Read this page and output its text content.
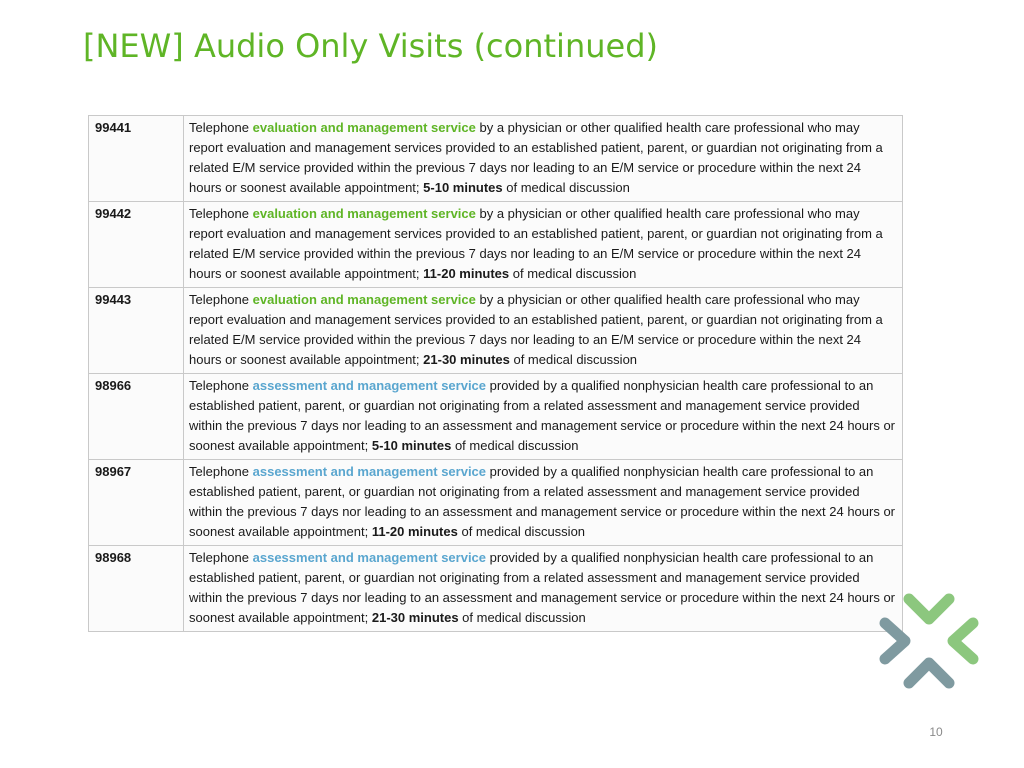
[NEW] Audio Only Visits (continued)
99441	Telephone evaluation and management service by a physician or other qualified health care professional who may report evaluation and management services provided to an established patient, parent, or guardian not originating from a related E/M service provided within the previous 7 days nor leading to an E/M service or procedure within the next 24 hours or soonest available appointment; 5-10 minutes of medical discussion
99442	Telephone evaluation and management service by a physician or other qualified health care professional who may report evaluation and management services provided to an established patient, parent, or guardian not originating from a related E/M service provided within the previous 7 days nor leading to an E/M service or procedure within the next 24 hours or soonest available appointment; 11-20 minutes of medical discussion
99443	Telephone evaluation and management service by a physician or other qualified health care professional who may report evaluation and management services provided to an established patient, parent, or guardian not originating from a related E/M service provided within the previous 7 days nor leading to an E/M service or procedure within the next 24 hours or soonest available appointment; 21-30 minutes of medical discussion
98966	Telephone assessment and management service provided by a qualified nonphysician health care professional to an established patient, parent, or guardian not originating from a related assessment and management service provided within the previous 7 days nor leading to an assessment and management service or procedure within the next 24 hours or soonest available appointment; 5-10 minutes of medical discussion
98967	Telephone assessment and management service provided by a qualified nonphysician health care professional to an established patient, parent, or guardian not originating from a related assessment and management service provided within the previous 7 days nor leading to an assessment and management service or procedure within the next 24 hours or soonest available appointment; 11-20 minutes of medical discussion
98968	Telephone assessment and management service provided by a qualified nonphysician health care professional to an established patient, parent, or guardian not originating from a related assessment and management service provided within the previous 7 days nor leading to an assessment and management service or procedure within the next 24 hours or soonest available appointment; 21-30 minutes of medical discussion
10
